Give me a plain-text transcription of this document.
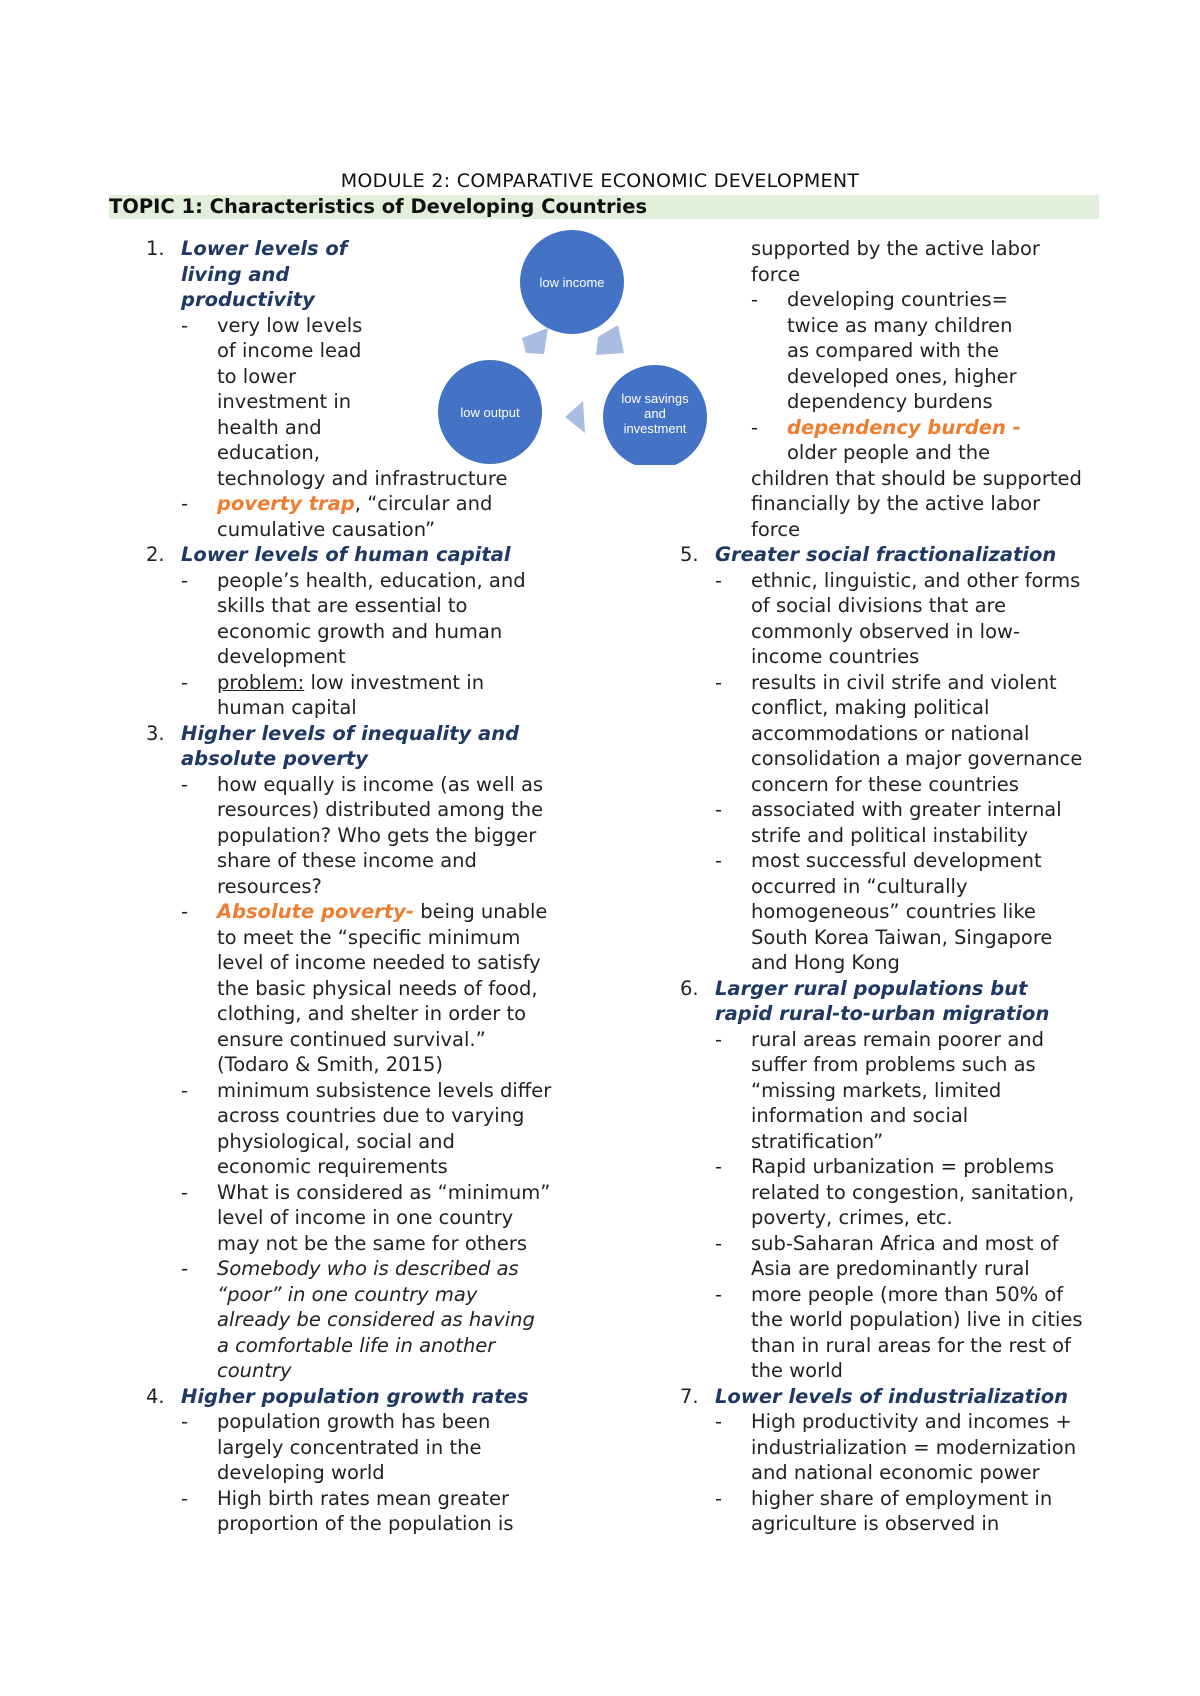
MODULE 2: COMPARATIVE ECONOMIC DEVELOPMENT
TOPIC 1: Characteristics of Developing Countries
low income
low savings
and
investment
low output
1. Lower levels of
living and
productivity
- very low levels
of income lead
to lower
investment in
health and
education,
technology and infrastructure
- poverty trap, “circular and
cumulative causation”
2. Lower levels of human capital
- people’s health, education, and
skills that are essential to
economic growth and human
development
- problem: low investment in
human capital
3. Higher levels of inequality and
absolute poverty
- how equally is income (as well as
resources) distributed among the
population? Who gets the bigger
share of these income and
resources?
- Absolute poverty- being unable
to meet the “specific minimum
level of income needed to satisfy
the basic physical needs of food,
clothing, and shelter in order to
ensure continued survival.”
(Todaro & Smith, 2015)
- minimum subsistence levels differ
across countries due to varying
physiological, social and
economic requirements
- What is considered as “minimum”
level of income in one country
may not be the same for others
- Somebody who is described as
“poor” in one country may
already be considered as having
a comfortable life in another
country
4. Higher population growth rates
- population growth has been
largely concentrated in the
developing world
- High birth rates mean greater
proportion of the population is
supported by the active labor
force
- developing countries=
twice as many children
as compared with the
developed ones, higher
dependency burdens
- dependency burden -
older people and the
children that should be supported
financially by the active labor
force
5. Greater social fractionalization
- ethnic, linguistic, and other forms
of social divisions that are
commonly observed in low-
income countries
- results in civil strife and violent
conflict, making political
accommodations or national
consolidation a major governance
concern for these countries
- associated with greater internal
strife and political instability
- most successful development
occurred in “culturally
homogeneous” countries like
South Korea Taiwan, Singapore
and Hong Kong
6. Larger rural populations but
rapid rural-to-urban migration
- rural areas remain poorer and
suffer from problems such as
“missing markets, limited
information and social
stratification”
- Rapid urbanization = problems
related to congestion, sanitation,
poverty, crimes, etc.
- sub-Saharan Africa and most of
Asia are predominantly rural
- more people (more than 50% of
the world population) live in cities
than in rural areas for the rest of
the world
7. Lower levels of industrialization
- High productivity and incomes +
industrialization = modernization
and national economic power
- higher share of employment in
agriculture is observed in
